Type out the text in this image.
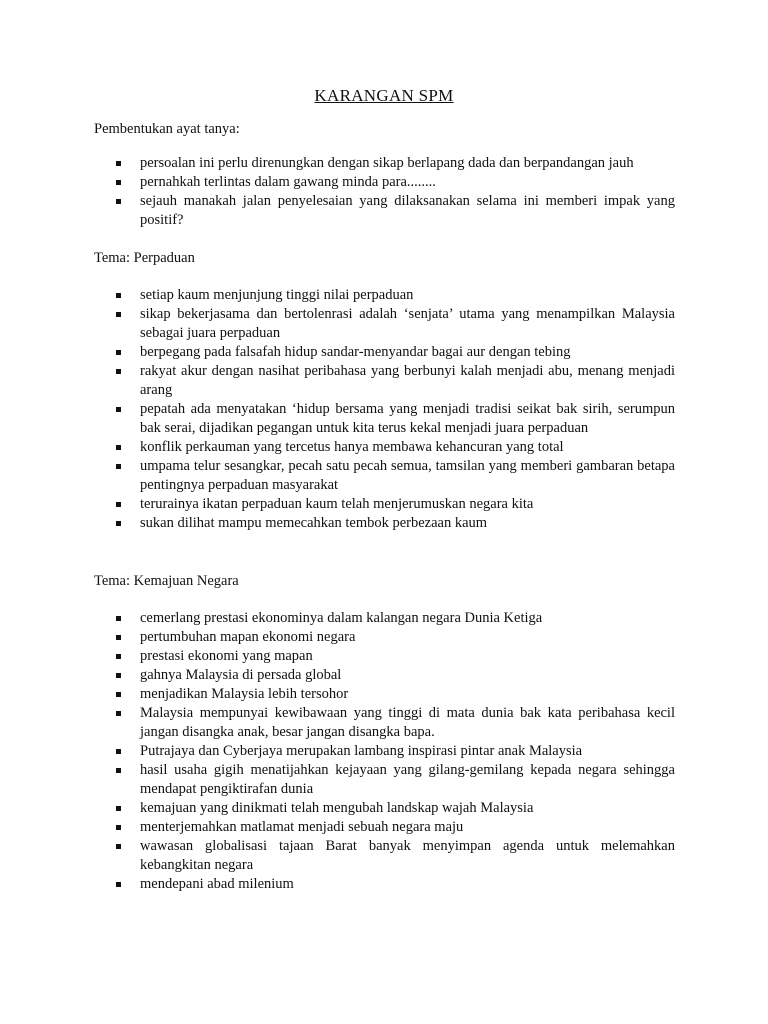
KARANGAN SPM
Pembentukan ayat tanya:
persoalan ini perlu direnungkan dengan sikap berlapang dada dan berpandangan jauh
pernahkah terlintas dalam gawang minda para........
sejauh manakah jalan penyelesaian yang dilaksanakan selama ini memberi impak yang positif?
Tema: Perpaduan
setiap kaum menjunjung tinggi nilai perpaduan
sikap bekerjasama dan bertolenrasi adalah ‘senjata’ utama yang menampilkan Malaysia sebagai juara perpaduan
berpegang pada falsafah hidup sandar-menyandar bagai aur dengan tebing
rakyat akur dengan nasihat peribahasa yang berbunyi kalah menjadi abu, menang menjadi arang
pepatah ada menyatakan ‘hidup bersama yang menjadi tradisi seikat bak sirih, serumpun bak serai, dijadikan pegangan untuk kita terus kekal menjadi juara perpaduan
konflik perkauman yang tercetus hanya membawa kehancuran yang total
umpama telur sesangkar, pecah satu pecah semua, tamsilan yang memberi gambaran betapa pentingnya perpaduan masyarakat
terurainya ikatan perpaduan kaum telah menjerumuskan negara kita
sukan dilihat mampu memecahkan tembok perbezaan kaum
Tema: Kemajuan Negara
cemerlang prestasi ekonominya dalam kalangan negara Dunia Ketiga
pertumbuhan mapan ekonomi negara
prestasi ekonomi yang mapan
gahnya Malaysia di persada global
menjadikan Malaysia lebih tersohor
Malaysia mempunyai kewibawaan yang tinggi di mata dunia bak kata peribahasa kecil jangan disangka anak, besar jangan disangka bapa.
Putrajaya dan Cyberjaya merupakan lambang inspirasi pintar anak Malaysia
hasil usaha gigih menatijahkan kejayaan yang gilang-gemilang kepada negara sehingga mendapat pengiktirafan dunia
kemajuan yang dinikmati telah mengubah landskap wajah Malaysia
menterjemahkan matlamat menjadi sebuah negara maju
wawasan globalisasi tajaan Barat banyak menyimpan agenda untuk melemahkan kebangkitan negara
mendepani abad milenium
